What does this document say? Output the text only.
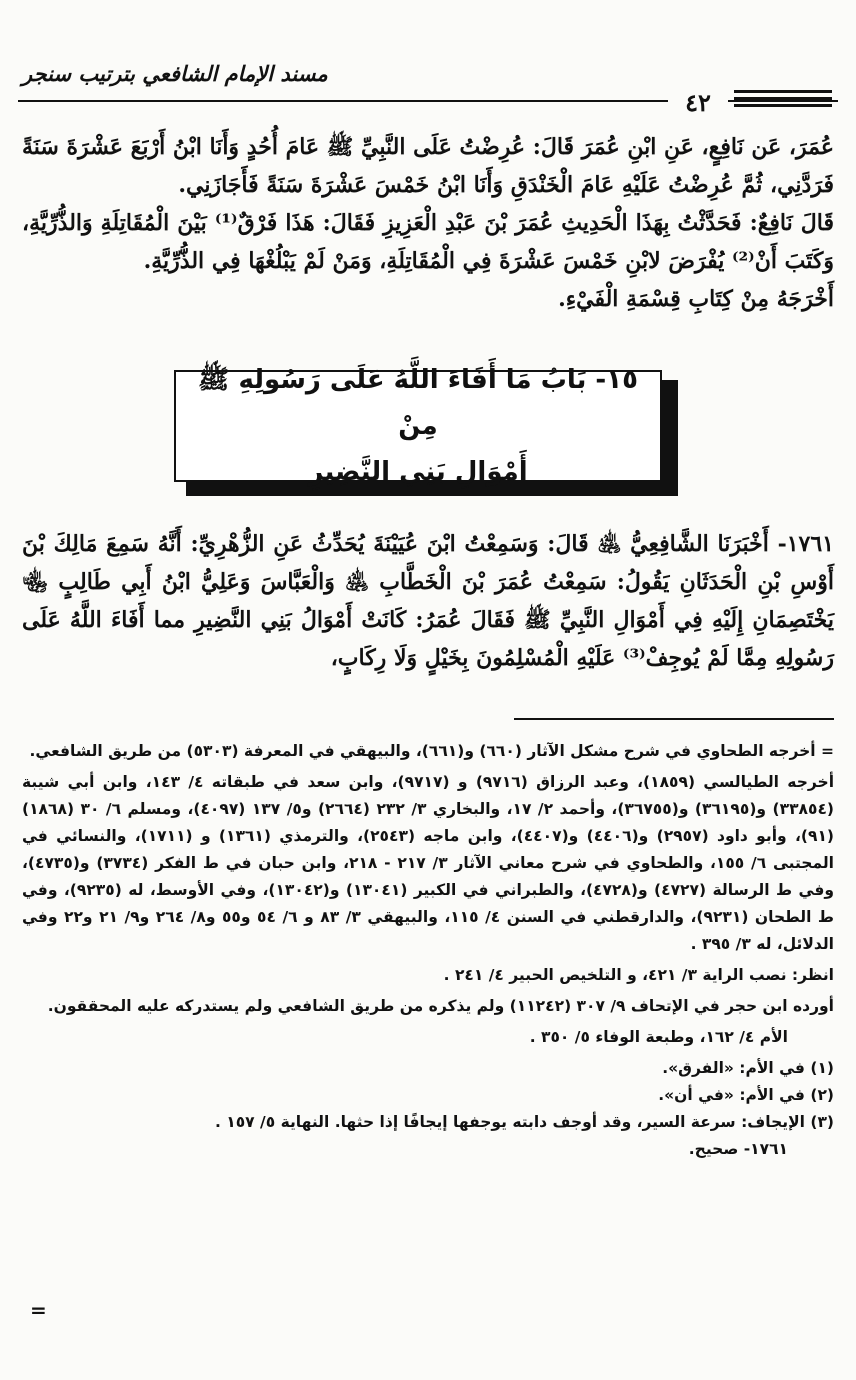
مسند الإمام الشافعي بترتيب سنجر
٤٢
عُمَرَ، عَن نَافِعٍ، عَنِ ابْنِ عُمَرَ قَالَ: عُرِضْتُ عَلَى النَّبِيِّ ﷺ عَامَ أُحُدٍ وَأَنَا ابْنُ أَرْبَعَ عَشْرَةَ سَنَةً فَرَدَّنِي، ثُمَّ عُرِضْتُ عَلَيْهِ عَامَ الْخَنْدَقِ وَأَنَا ابْنُ خَمْسَ عَشْرَةَ سَنَةً فَأَجَازَنِي.
قَالَ نَافِعٌ: فَحَدَّثْتُ بِهَذَا الْحَدِيثِ عُمَرَ بْنَ عَبْدِ الْعَزِيزِ فَقَالَ: هَذَا فَرْقٌ⁽¹⁾ بَيْنَ الْمُقَاتِلَةِ وَالذُّرِّيَّةِ، وَكَتَبَ أَنْ⁽²⁾ يُفْرَضَ لابْنِ خَمْسَ عَشْرَةَ فِي الْمُقَاتِلَةِ، وَمَنْ لَمْ يَبْلُغْهَا فِي الذُّرِّيَّةِ.
أَخْرَجَهُ مِنْ كِتَابِ قِسْمَةِ الْفَيْءِ.
١٥- بَابُ مَا أَفَاءَ اللَّهُ عَلَى رَسُولِهِ ﷺ مِنْ
أَمْوَالِ بَنِي النَّضِيرِ
١٧٦١- أَخْبَرَنَا الشَّافِعِيُّ ﵁ قَالَ: وَسَمِعْتُ ابْنَ عُيَيْنَةَ يُحَدِّثُ عَنِ الزُّهْرِيِّ: أَنَّهُ سَمِعَ مَالِكَ بْنَ أَوْسِ بْنِ الْحَدَثَانِ يَقُولُ: سَمِعْتُ عُمَرَ بْنَ الْخَطَّابِ ﵁ وَالْعَبَّاسَ وَعَلِيُّ ابْنُ أَبِي طَالِبٍ ﵄ يَخْتَصِمَانِ إِلَيْهِ فِي أَمْوَالِ النَّبِيِّ ﷺ فَقَالَ عُمَرُ: كَانَتْ أَمْوَالُ بَنِي النَّضِيرِ مما أَفَاءَ اللَّهُ عَلَى رَسُولِهِ مِمَّا لَمْ يُوجِفْ⁽³⁾ عَلَيْهِ الْمُسْلِمُونَ بِخَيْلٍ وَلَا رِكَابٍ،

= أخرجه الطحاوي في شرح مشكل الآثار (٦٦٠) و(٦٦١)، والبيهقي في المعرفة (٥٣٠٣) من طريق الشافعي.

أخرجه الطيالسي (١٨٥٩)، وعبد الرزاق (٩٧١٦) و (٩٧١٧)، وابن سعد في طبقاته ٤/ ١٤٣، وابن أبي شيبة (٣٣٨٥٤) و(٣٦١٩٥) و(٣٦٧٥٥)، وأحمد ٢/ ١٧، والبخاري ٣/ ٢٣٢ (٢٦٦٤) و٥/ ١٣٧ (٤٠٩٧)، ومسلم ٦/ ٣٠ (١٨٦٨) (٩١)، وأبو داود (٢٩٥٧) و(٤٤٠٦) و(٤٤٠٧)، وابن ماجه (٢٥٤٣)، والترمذي (١٣٦١) و (١٧١١)، والنسائي في المجتبى ٦/ ١٥٥، والطحاوي في شرح معاني الآثار ٣/ ٢١٧ - ٢١٨، وابن حبان في ط الفكر (٣٧٣٤) و(٤٧٣٥)، وفي ط الرسالة (٤٧٢٧) و(٤٧٢٨)، والطبراني في الكبير (١٣٠٤١) و(١٣٠٤٢)، وفي الأوسط، له (٩٢٣٥)، وفي ط الطحان (٩٢٣١)، والدارقطني في السنن ٤/ ١١٥، والبيهقي ٣/ ٨٣ و ٦/ ٥٤ و٥٥ و٨/ ٢٦٤ و٩/ ٢١ و٢٢ وفي الدلائل، له ٣/ ٣٩٥ .

انظر: نصب الراية ٣/ ٤٢١، و التلخيص الحبير ٤/ ٢٤١ .

أورده ابن حجر في الإتحاف ٩/ ٣٠٧ (١١٢٤٢) ولم يذكره من طريق الشافعي ولم يستدركه عليه المحققون.

الأم ٤/ ١٦٢، وطبعة الوفاء ٥/ ٣٥٠ .

(١) في الأم: «الفرق».
(٢) في الأم: «في أن».
(٣) الإيجاف: سرعة السير، وقد أوجف دابته يوجفها إيجافًا إذا حثها. النهاية ٥/ ١٥٧ .
١٧٦١- صحيح.
=
